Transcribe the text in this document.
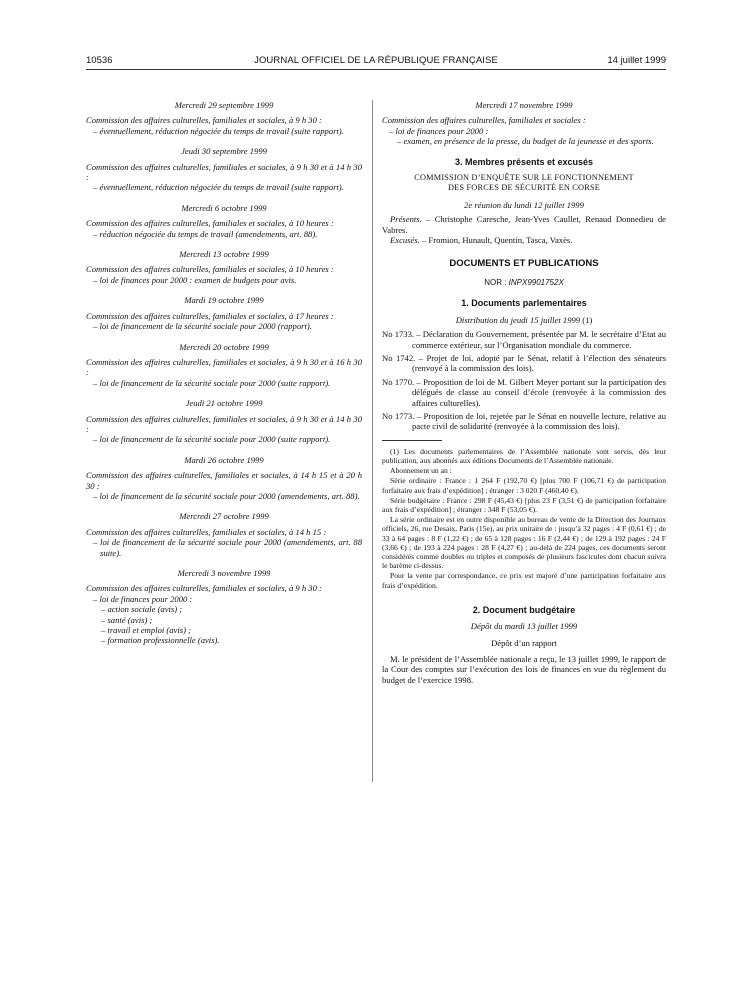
10536	JOURNAL OFFICIEL DE LA RÉPUBLIQUE FRANÇAISE	14 juillet 1999
Mercredi 29 septembre 1999
Commission des affaires culturelles, familiales et sociales, à 9 h 30 :
– éventuellement, réduction négociée du temps de travail (suite rapport).
Jeudi 30 septembre 1999
Commission des affaires culturelles, familiales et sociales, à 9 h 30 et à 14 h 30 :
– éventuellement, réduction négociée du temps de travail (suite rapport).
Mercredi 6 octobre 1999
Commission des affaires culturelles, familiales et sociales, à 10 heures :
– réduction négociée du temps de travail (amendements, art. 88).
Mercredi 13 octobre 1999
Commission des affaires culturelles, familiales et sociales, à 10 heures :
– loi de finances pour 2000 : examen de budgets pour avis.
Mardi 19 octobre 1999
Commission des affaires culturelles, familiales et sociales, à 17 heures :
– loi de financement de la sécurité sociale pour 2000 (rapport).
Mercredi 20 octobre 1999
Commission des affaires culturelles, familiales et sociales, à 9 h 30 et à 16 h 30 :
– loi de financement de la sécurité sociale pour 2000 (suite rapport).
Jeudi 21 octobre 1999
Commission des affaires culturelles, familiales et sociales, à 9 h 30 et à 14 h 30 :
– loi de financement de la sécurité sociale pour 2000 (suite rapport).
Mardi 26 octobre 1999
Commission des affaires culturelles, familiales et sociales, à 14 h 15 et à 20 h 30 :
– loi de financement de la sécurité sociale pour 2000 (amendements, art. 88).
Mercredi 27 octobre 1999
Commission des affaires culturelles, familiales et sociales, à 14 h 15 :
– loi de financement de la sécurité sociale pour 2000 (amendements, art. 88 suite).
Mercredi 3 novembre 1999
Commission des affaires culturelles, familiales et sociales, à 9 h 30 :
– loi de finances pour 2000 :
– action sociale (avis) ;
– santé (avis) ;
– travail et emploi (avis) ;
– formation professionnelle (avis).
Mercredi 17 novembre 1999
Commission des affaires culturelles, familiales et sociales :
– loi de finances pour 2000 :
– examen, en présence de la presse, du budget de la jeunesse et des sports.
3. Membres présents et excusés
COMMISSION D’ENQUÊTE SUR LE FONCTIONNEMENT
DES FORCES DE SÉCURITÉ EN CORSE
2e réunion du lundi 12 juillet 1999
Présents. – Christophe Caresche, Jean-Yves Caullet, Renaud Donnedieu de Vabres.
Excusés. – Fromion, Hunault, Quentin, Tasca, Vaxès.
DOCUMENTS ET PUBLICATIONS
NOR : INPX9901752X
1. Documents parlementaires
Distribution du jeudi 15 juillet 1999 (1)
No 1733. – Déclaration du Gouvernement, présentée par M. le secrétaire d’Etat au commerce extérieur, sur l’Organisation mondiale du commerce.
No 1742. – Projet de loi, adopté par le Sénat, relatif à l’élection des sénateurs (renvoyé à la commission des lois).
No 1770. – Proposition de loi de M. Gilbert Meyer portant sur la participation des délégués de classe au conseil d’école (renvoyée à la commission des affaires culturelles).
No 1773. – Proposition de loi, rejetée par le Sénat en nouvelle lecture, relative au pacte civil de solidarité (renvoyée à la commission des lois).

(1) Les documents parlementaires de l’Assemblée nationale sont servis, dès leur publication, aux abonnés aux éditions Documents de l’Assemblée nationale.

Abonnement un an :

Série ordinaire : France : 1 264 F (192,70 €) [plus 700 F (106,71 €) de participation forfaitaire aux frais d’expédition] ; étranger : 3 020 F (460,40 €).

Série budgétaire : France : 298 F (45,43 €) [plus 23 F (3,51 €) de participation forfaitaire aux frais d’expédition] ; étranger : 348 F (53,05 €).

La série ordinaire est en outre disponible au bureau de vente de la Direction des Journaux officiels, 26, rue Desaix, Paris (15e), au prix unitaire de : jusqu’à 32 pages : 4 F (0,61 €) ; de 33 à 64 pages : 8 F (1,22 €) ; de 65 à 128 pages : 16 F (2,44 €) ; de 129 à 192 pages : 24 F (3,66 €) ; de 193 à 224 pages : 28 F (4,27 €) ; au-delà de 224 pages, ces documents seront considérés comme doubles ou triples et composés de plusieurs fascicules dont chacun suivra le barème ci-dessus.

Pour la vente par correspondance, ce prix est majoré d’une participation forfaitaire aux frais d’expédition.

2. Document budgétaire
Dépôt du mardi 13 juillet 1999
Dépôt d’un rapport
M. le président de l’Assemblée nationale a reçu, le 13 juillet 1999, le rapport de la Cour des comptes sur l’exécution des lois de finances en vue du règlement du budget de l’exercice 1998.
